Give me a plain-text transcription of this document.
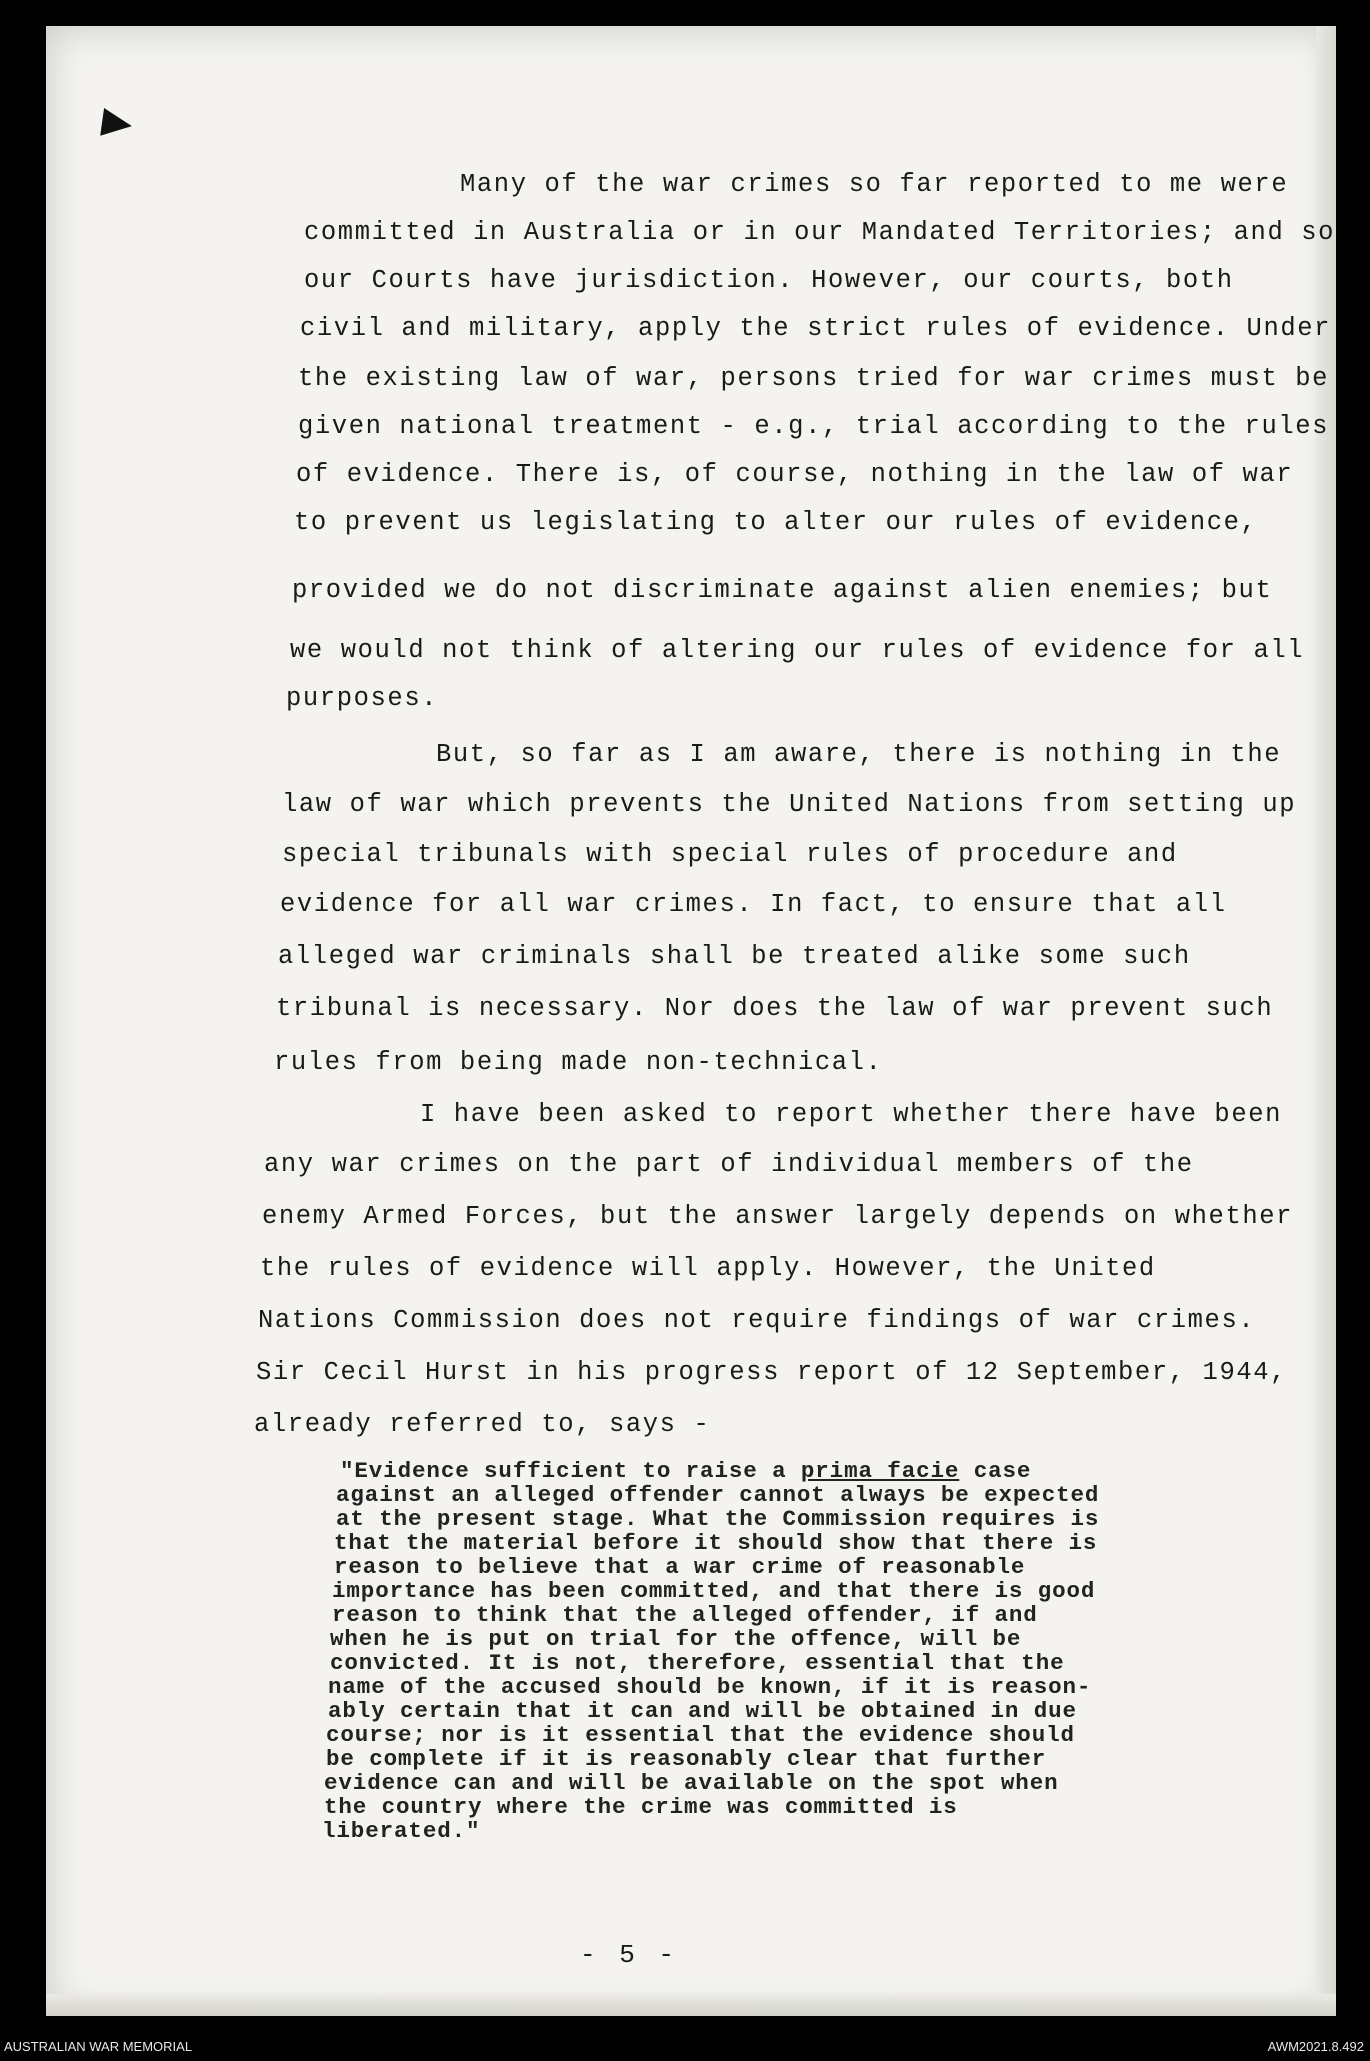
Many of the war crimes so far reported to me were
committed in Australia or in our Mandated Territories; and so
our Courts have jurisdiction. However, our courts, both
civil and military, apply the strict rules of evidence. Under
the existing law of war, persons tried for war crimes must be
given national treatment - e.g., trial according to the rules
of evidence. There is, of course, nothing in the law of war
to prevent us legislating to alter our rules of evidence,
provided we do not discriminate against alien enemies; but
we would not think of altering our rules of evidence for all
purposes.
But, so far as I am aware, there is nothing in the
law of war which prevents the United Nations from setting up
special tribunals with special rules of procedure and
evidence for all war crimes. In fact, to ensure that all
alleged war criminals shall be treated alike some such
tribunal is necessary. Nor does the law of war prevent such
rules from being made non-technical.
I have been asked to report whether there have been
any war crimes on the part of individual members of the
enemy Armed Forces, but the answer largely depends on whether
the rules of evidence will apply. However, the United
Nations Commission does not require findings of war crimes.
Sir Cecil Hurst in his progress report of 12 September, 1944,
already referred to, says -
"Evidence sufficient to raise a prima facie case
against an alleged offender cannot always be expected
at the present stage. What the Commission requires is
that the material before it should show that there is
reason to believe that a war crime of reasonable
importance has been committed, and that there is good
reason to think that the alleged offender, if and
when he is put on trial for the offence, will be
convicted. It is not, therefore, essential that the
name of the accused should be known, if it is reason-
ably certain that it can and will be obtained in due
course; nor is it essential that the evidence should
be complete if it is reasonably clear that further
evidence can and will be available on the spot when
the country where the crime was committed is
liberated."
- 5 -
AUSTRALIAN WAR MEMORIAL	AWM2021.8.492
